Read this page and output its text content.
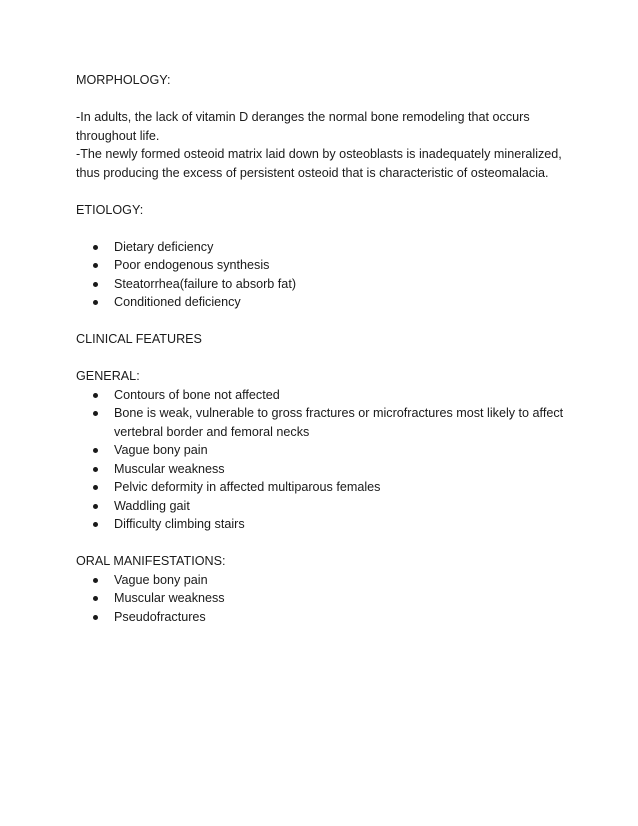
MORPHOLOGY:

-In adults, the lack of vitamin D deranges the normal bone remodeling that occurs throughout life.

-The newly formed osteoid matrix laid down by osteoblasts is inadequately mineralized, thus producing the excess of persistent osteoid that is characteristic of osteomalacia.

ETIOLOGY:

Dietary deficiency
Poor endogenous synthesis
Steatorrhea(failure to absorb fat)
Conditioned deficiency

CLINICAL FEATURES

GENERAL:

Contours of bone not affected
Bone is weak, vulnerable to gross fractures or microfractures most likely to affect vertebral border and femoral necks
Vague bony pain
Muscular weakness
Pelvic deformity in affected multiparous females
Waddling gait
Difficulty climbing stairs

ORAL MANIFESTATIONS:

Vague bony pain
Muscular weakness
Pseudofractures
